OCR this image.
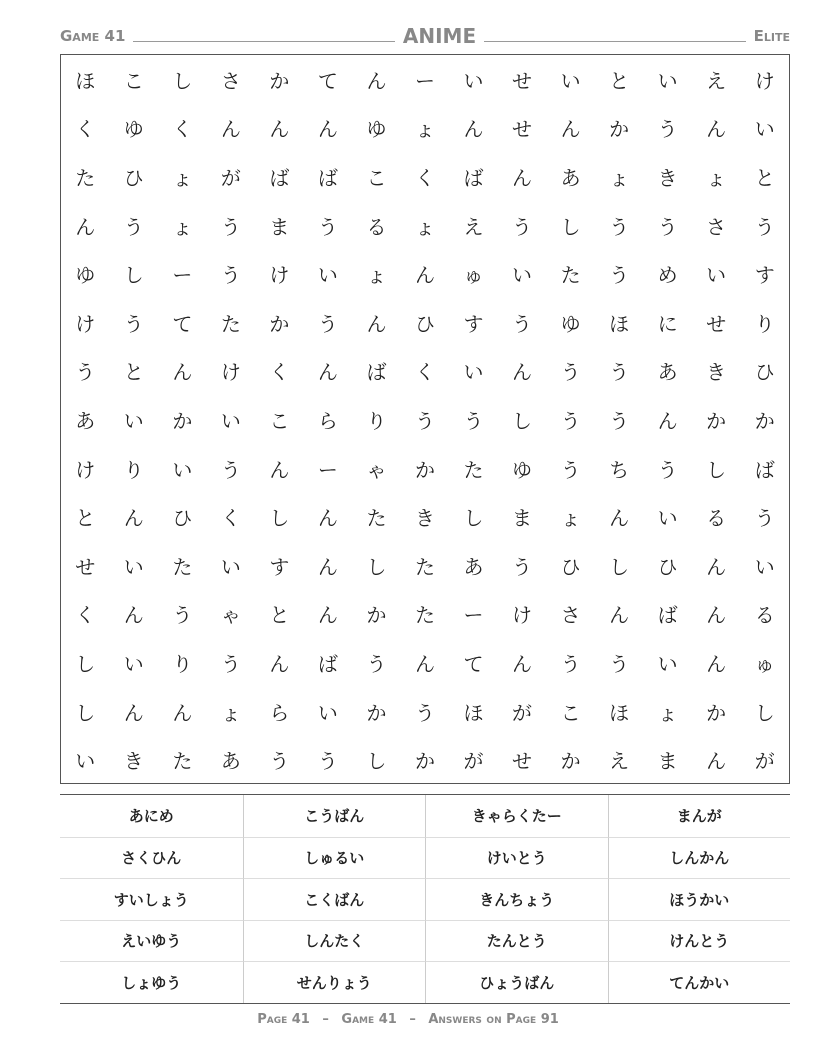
Game 41	ANIME	Elite
ほ	こ	し	さ	か	て	ん	ー	い	せ	い	と	い	え	け
く	ゆ	く	ん	ん	ん	ゆ	ょ	ん	せ	ん	か	う	ん	い
た	ひ	ょ	が	ば	ば	こ	く	ば	ん	あ	ょ	き	ょ	と
ん	う	ょ	う	ま	う	る	ょ	え	う	し	う	う	さ	う
ゆ	し	ー	う	け	い	ょ	ん	ゅ	い	た	う	め	い	す
け	う	て	た	か	う	ん	ひ	す	う	ゆ	ほ	に	せ	り
う	と	ん	け	く	ん	ば	く	い	ん	う	う	あ	き	ひ
あ	い	か	い	こ	ら	り	う	う	し	う	う	ん	か	か
け	り	い	う	ん	ー	ゃ	か	た	ゆ	う	ち	う	し	ば
と	ん	ひ	く	し	ん	た	き	し	ま	ょ	ん	い	る	う
せ	い	た	い	す	ん	し	た	あ	う	ひ	し	ひ	ん	い
く	ん	う	ゃ	と	ん	か	た	ー	け	さ	ん	ば	ん	る
し	い	り	う	ん	ば	う	ん	て	ん	う	う	い	ん	ゅ
し	ん	ん	ょ	ら	い	か	う	ほ	が	こ	ほ	ょ	か	し
い	き	た	あ	う	う	し	か	が	せ	か	え	ま	ん	が
あにめ	こうばん	きゃらくたー	まんが
さくひん	しゅるい	けいとう	しんかん
すいしょう	こくばん	きんちょう	ほうかい
えいゆう	しんたく	たんとう	けんとう
しょゆう	せんりょう	ひょうばん	てんかい
Page 41 – Game 41 – Answers on Page 91
